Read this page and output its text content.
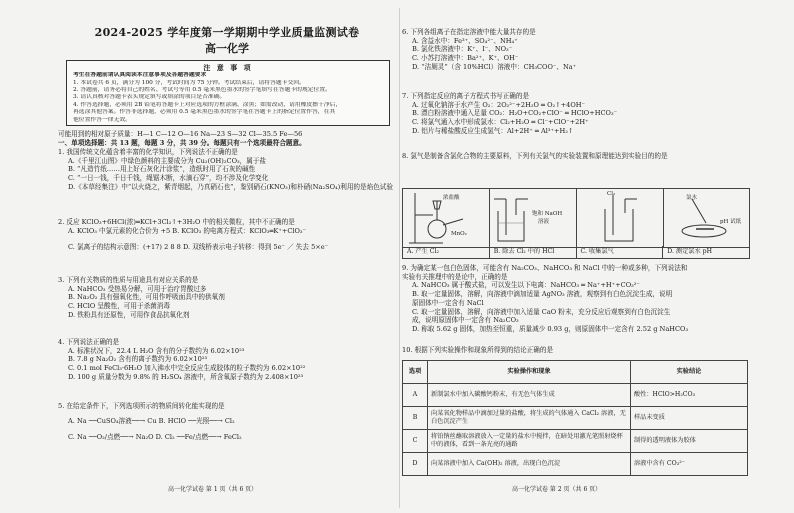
2024-2025 学年度第一学期期中学业质量监测试卷
高一化学
注 意 事 项
考生在答题前请认真阅读本注意事项及各题答题要求
1. 本试卷共 6 页，满分为 100 分，考试时间为 75 分钟。考试结束后，请将答题卡交回。
2. 答题前，请务必将自己的姓名、考试号等用 0.5 毫米黑色墨水的签字笔填写在答题卡的规定位置。
3. 请认真核对答题卡表头规定填写或填涂的项目是否准确。
4. 作答选择题，必须用 2B 铅笔将答题卡上对应选项的方框涂满、涂黑；如需改动，请用橡皮擦干净后，
再选涂其他答案。作答非选择题，必须用 0.5 毫米黑色墨水的签字笔在答题卡上的指定位置作答，在其
他位置作答一律无效。
可能用到的相对原子质量：H—1 C—12 O—16 Na—23 S—32 Cl—35.5 Fe—56
一、单项选择题：共 13 题，每题 3 分，共 39 分。每题只有一个选项最符合题意。
1. 我国传统文化蕴含着丰富的化学知识，下列说法不正确的是
A.《千里江山图》中绿色颜料的主要成分为 Cu₂(OH)₂CO₃，属于盐
B. “凡造竹纸……用上好石灰化汁涂浆”，造纸时用了石灰的碱性
C. “一日一钱，千日千钱，绳锯木断，水滴石穿”，均不涉及化学变化
D.《本草经集注》中“以火烧之，紫青烟起，乃真硝石也”，鉴别硝石(KNO₃)和朴硝(Na₂SO₄)利用的是焰色试验
2. 反应 KClO₃+6HCl(浓)═KCl+3Cl₂↑+3H₂O 中的相关微粒，其中不正确的是
A. KClO₃ 中氯元素的化合价为 +5 B. KClO₃ 的电离方程式：KClO₃═K⁺+ClO₃⁻
C. 氯离子的结构示意图：(+17) 2 8 8 D. 双线桥表示电子转移：得到 5e⁻ ／ 失去 5×e⁻
3. 下列有关物质的性质与用途具有对应关系的是
A. NaHCO₃ 受热易分解，可用于治疗胃酸过多
B. Na₂O₂ 具有强氧化性，可用作呼吸面具中的供氧剂
C. HClO 呈酸性，可用于杀菌消毒
D. 铁粉具有还原性，可用作食品抗氧化剂
4. 下列说法正确的是
A. 标准状况下，22.4 L H₂O 含有的分子数约为 6.02×10²³
B. 7.8 g Na₂O₂ 含有的离子数约为 6.02×10²³
C. 0.1 mol FeCl₃·6H₂O 加入沸水中完全反应生成胶体的粒子数约为 6.02×10²²
D. 100 g 质量分数为 9.8% 的 H₂SO₄ 溶液中，所含氧原子数约为 2.408×10²³
5. 在给定条件下，下列选项所示的物质间转化能实现的是
A. Na ──CuSO₄溶液──→ Cu B. HClO ──光照──→ Cl₂
C. Na ──O₂/点燃──→ Na₂O D. Cl₂ ──Fe/点燃──→ FeCl₂
高一化学试卷 第 1 页（共 6 页）
6. 下列各组离子在指定溶液中能大量共存的是
A. 含益水中：Fe³⁺、SO₄²⁻、NH₄⁺
B. 氯化铁溶液中：K⁺、I⁻、NO₃⁻
C. 小苏打溶液中：Ba²⁺、K⁺、OH⁻
D. “洁厕灵”（含 10%HCl）溶液中：CH₃COO⁻、Na⁺
7. 下列指定反应的离子方程式书写正确的是
A. 过氧化钠溶于水产生 O₂：2O₂²⁻+2H₂O ═ O₂↑+4OH⁻
B. 漂白粉溶液中通入足量 CO₂：H₂O+CO₂+ClO⁻ ═ HClO+HCO₃⁻
C. 将氯气通入水中形成氯水：Cl₂+H₂O ═ Cl⁻+ClO⁻+2H⁺
D. 铝片与稀盐酸反应生成氢气：Al+2H⁺ ═ Al³⁺+H₂↑
8. 氯气是制备含氯化合物的主要原料，下列有关氯气的实验装置和原理能达到实验目的的是
浓盐酸
MnO₂
饱和 NaOH
溶液
Cl₂
氯水
pH 试纸
A. 产生 Cl₂	B. 除去 Cl₂ 中的 HCl	C. 收集氯气	D. 测定氯水 pH
9. 为确定某一包白色固体，可能含有 Na₂CO₃、NaHCO₃ 和 NaCl 中的一种或多种，下列说法和
实验有关推理中的是论中，正确的是
A. NaHCO₃ 属于酸式盐，可以发生以下电离：NaHCO₃ ═ Na⁺+H⁺+CO₃²⁻
B. 取一定量固体，溶解，向溶液中滴加适量 AgNO₃ 溶液，观察到有白色沉淀生成，说明
原固体中一定含有 NaCl
C. 取一定量固体，溶解，向溶液中加入适量 CaO 粉末，充分反应后观察到有白色沉淀生
成，说明原固体中一定含有 Na₂CO₃
D. 称取 5.62 g 固体，加热至恒重，质量减少 0.93 g，则原固体中一定含有 2.52 g NaHCO₃
10. 根据下列实验操作和现象所得到的结论正确的是
选项	实验操作和现象	实验结论
A	新制氯水中加入碳酸钙粉末，有无色气体生成	酸性：HClO>H₂CO₃
B	向某氧化物样品中滴加过量的盐酸，将生成的气体通入 CaCl₂ 溶液，无白色沉淀产生	样品未变质
C	将铂钠丝蘸取溶液放入一定量的盐水中搅拌，在暗处用激光笔照射烧杯中的液体，看到一条光亮的通路	制得的透明液体为胶体
D	向某溶液中加入 Ca(OH)₂ 溶液，出现白色沉淀	溶液中含有 CO₃²⁻
高一化学试卷 第 2 页（共 6 页）
